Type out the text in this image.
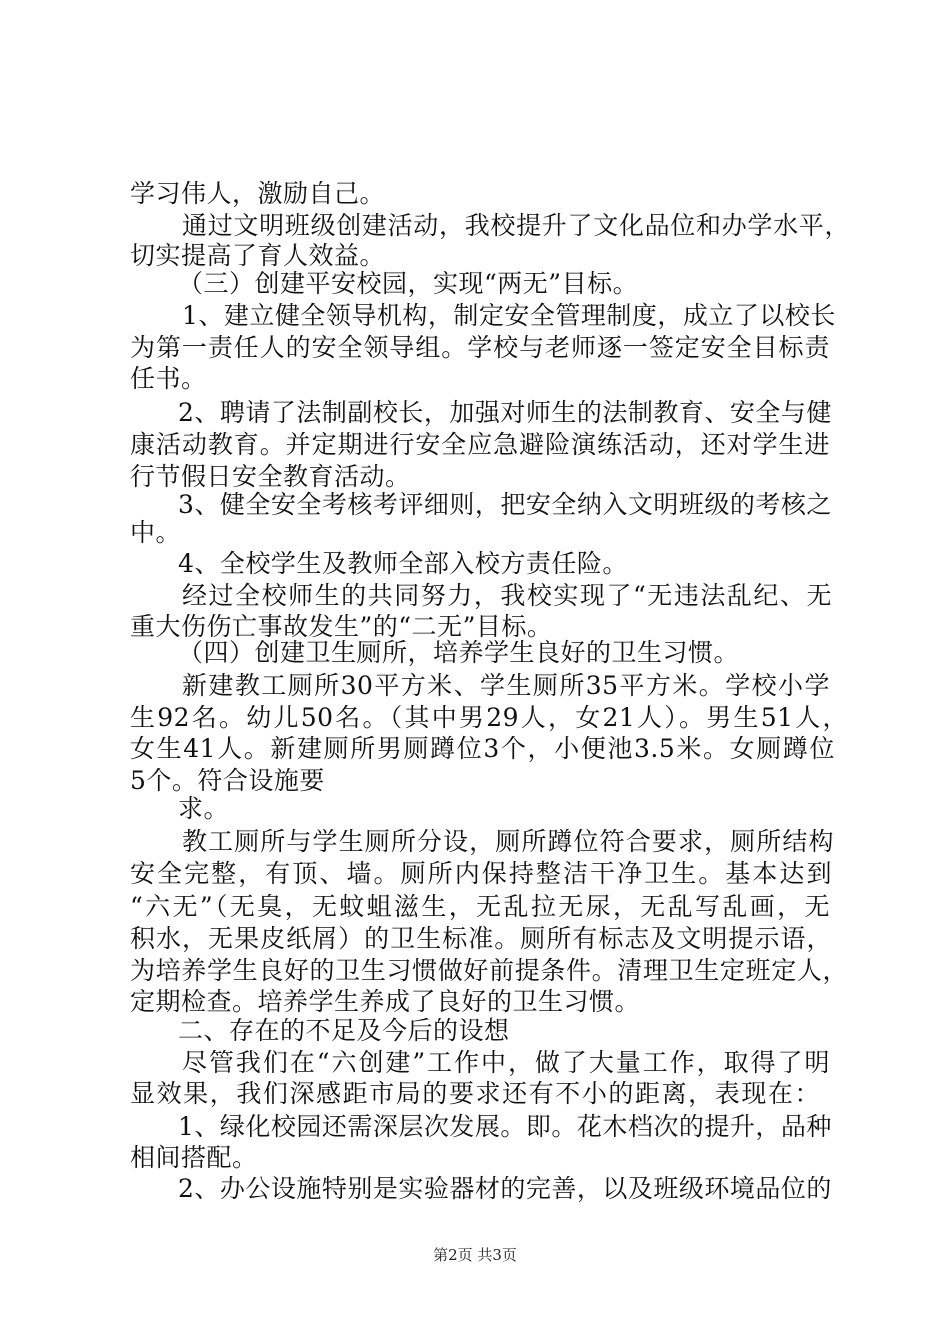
学习伟人，激励自己。
通过文明班级创建活动，我校提升了文化品位和办学水平，
切实提高了育人效益。
（三）创建平安校园，实现“两无”目标。
1、建立健全领导机构，制定安全管理制度，成立了以校长
为第一责任人的安全领导组。学校与老师逐一签定安全目标责
任书。
2、聘请了法制副校长，加强对师生的法制教育、安全与健
康活动教育。并定期进行安全应急避险演练活动，还对学生进
行节假日安全教育活动。
3、健全安全考核考评细则，把安全纳入文明班级的考核之
中。
4、全校学生及教师全部入校方责任险。
经过全校师生的共同努力，我校实现了“无违法乱纪、无
重大伤伤亡事故发生”的“二无”目标。
（四）创建卫生厕所，培养学生良好的卫生习惯。
新建教工厕所30平方米、学生厕所35平方米。学校小学
生92名。幼儿50名。（其中男29人，女21人）。男生51人，
女生41人。新建厕所男厕蹲位3个，小便池3.5米。女厕蹲位
5个。符合设施要
求。
教工厕所与学生厕所分设，厕所蹲位符合要求，厕所结构
安全完整，有顶、墙。厕所内保持整洁干净卫生。基本达到
“六无”（无臭，无蚊蛆滋生，无乱拉无尿，无乱写乱画，无
积水，无果皮纸屑）的卫生标准。厕所有标志及文明提示语，
为培养学生良好的卫生习惯做好前提条件。清理卫生定班定人，
定期检查。培养学生养成了良好的卫生习惯。
二、存在的不足及今后的设想
尽管我们在“六创建”工作中，做了大量工作，取得了明
显效果，我们深感距市局的要求还有不小的距离，表现在：
1、绿化校园还需深层次发展。即。花木档次的提升，品种
相间搭配。
2、办公设施特别是实验器材的完善，以及班级环境品位的
第2页 共3页
